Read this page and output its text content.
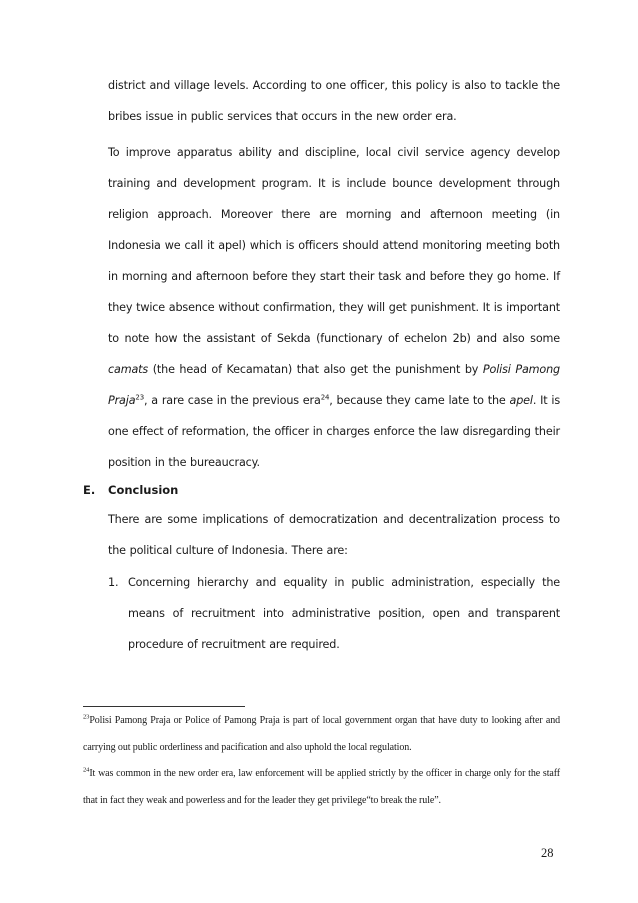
district and village levels. According to one officer, this policy is also to tackle the bribes issue in public services that occurs in the new order era.

To improve apparatus ability and discipline, local civil service agency develop training and development program. It is include bounce development through religion approach. Moreover there are morning and afternoon meeting (in Indonesia we call it apel) which is officers should attend monitoring meeting both in morning and afternoon before they start their task and before they go home. If they twice absence without confirmation, they will get punishment. It is important to note how the assistant of Sekda (functionary of echelon 2b) and also some camats (the head of Kecamatan) that also get the punishment by Polisi Pamong Praja$^{23}$, a rare case in the previous era$^{24}$, because they came late to the apel. It is one effect of reformation, the officer in charges enforce the law disregarding their position in the bureaucracy.

E. Conclusion

There are some implications of democratization and decentralization process to the political culture of Indonesia. There are:

1. Concerning hierarchy and equality in public administration, especially the means of recruitment into administrative position, open and transparent procedure of recruitment are required.

$^{23}$Polisi Pamong Praja or Police of Pamong Praja is part of local government organ that have duty to looking after and carrying out public orderliness and pacification and also uphold the local regulation.

$^{24}$It was common in the new order era, law enforcement will be applied strictly by the officer in charge only for the staff that in fact they weak and powerless and for the leader they get privilege“to break the rule”.

28
